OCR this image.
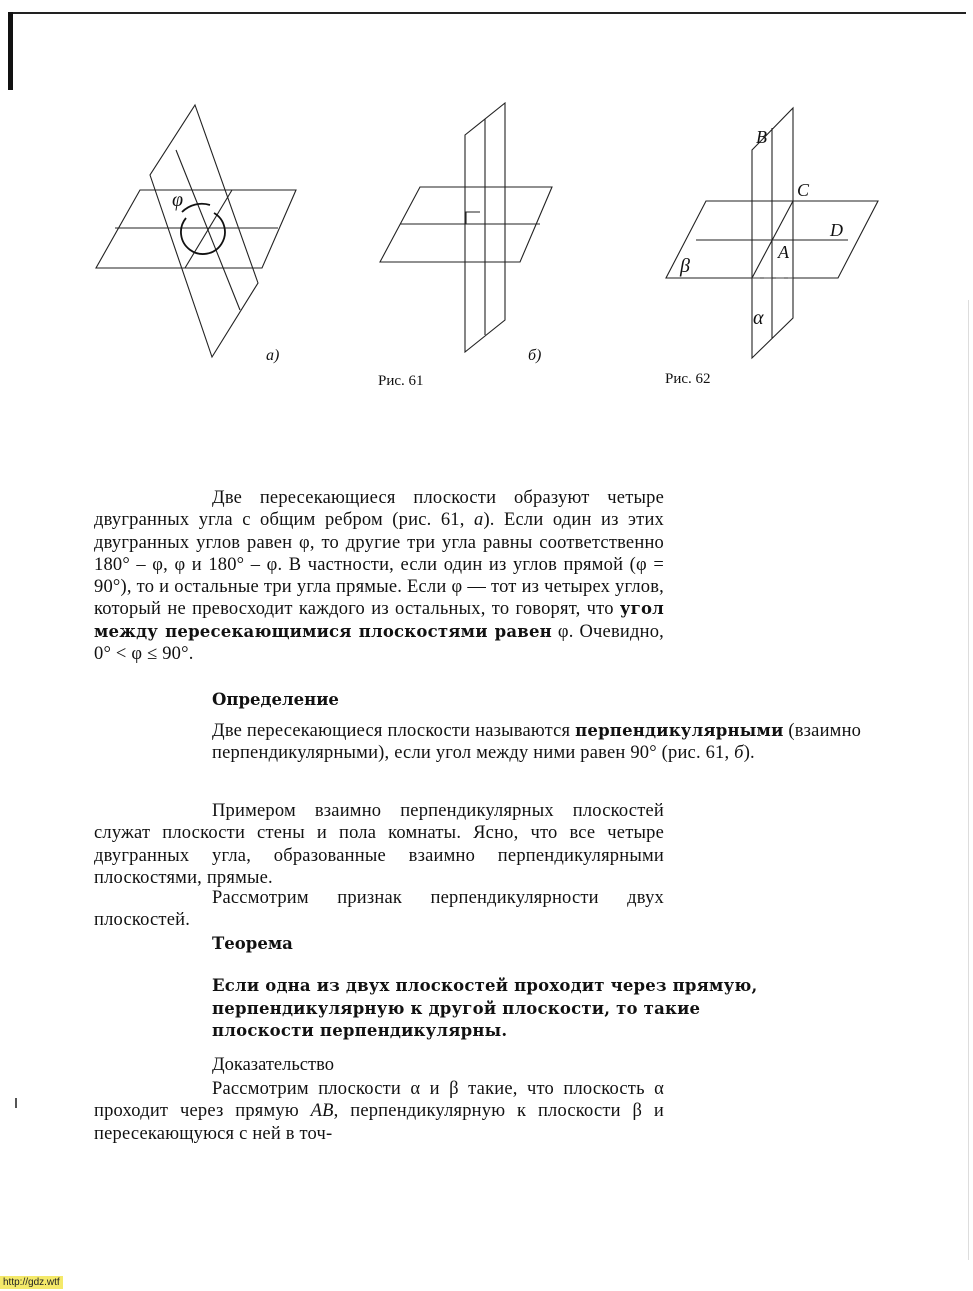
φ
а)	б)
Рис. 61
B
C
D
A
β
α
Рис. 62

Две пересекающиеся плоскости образуют четыре двугранных угла с общим ребром (рис. 61, а). Если один из этих двугранных углов равен φ, то другие три угла равны соответственно 180° – φ, φ и 180° – φ. В частности, если один из углов прямой (φ = 90°), то и остальные три угла прямые. Если φ — тот из четырех углов, который не превосходит каждого из остальных, то говорят, что угол между пересекающимися плоскостями равен φ. Очевидно, 0° < φ ≤ 90°.

Определение

Две пересекающиеся плоскости называются перпендикулярными (взаимно перпендикулярными), если угол между ними равен 90° (рис. 61, б).

Примером взаимно перпендикулярных плоскостей служат плоскости стены и пола комнаты. Ясно, что все четыре двугранных угла, образованные взаимно перпендикулярными плоскостями, прямые.

Рассмотрим признак перпендикулярности двух плоскостей.

Теорема

Если одна из двух плоскостей проходит через прямую, перпендикулярную к другой плоскости, то такие плоскости перпендикулярны.

Доказательство

Рассмотрим плоскости α и β такие, что плоскость α проходит через прямую AB, перпендикулярную к плоскости β и пересекающуюся с ней в точ-

http://gdz.wtf
